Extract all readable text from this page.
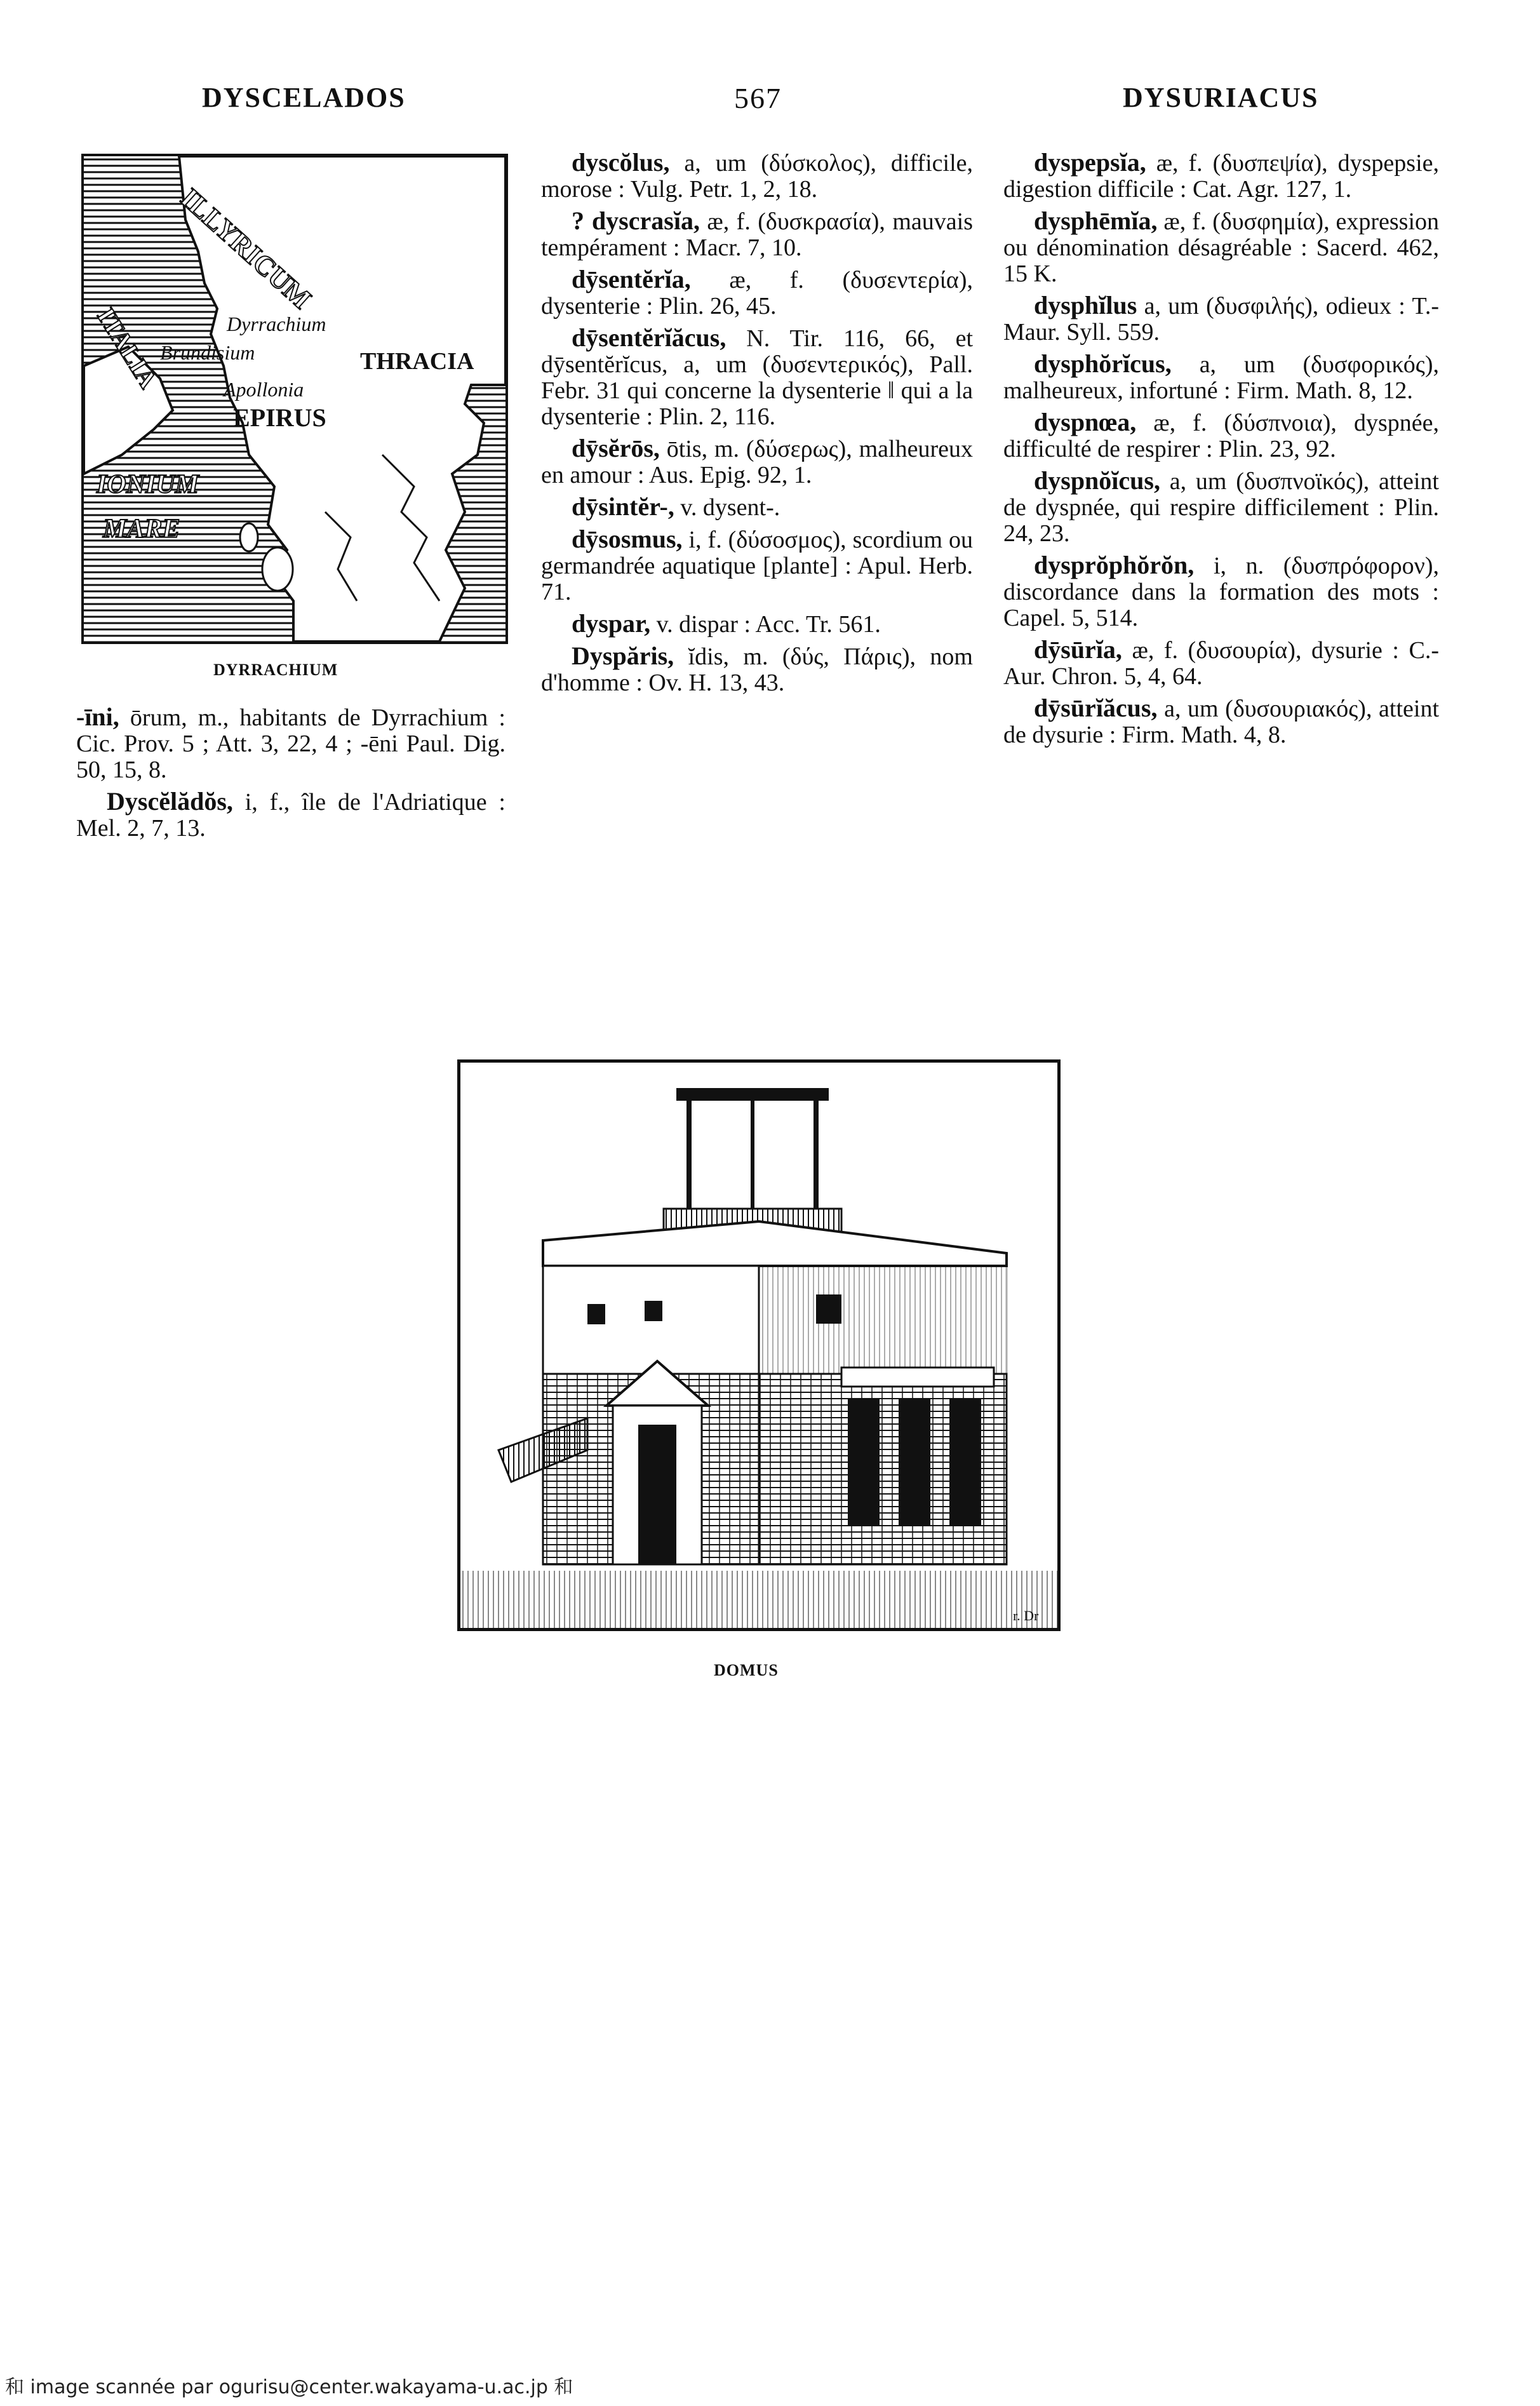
DYSCELADOS	567	DYSURIACUS
ILLYRICUM
ITALIA	Dyrrachium
Brundisium	THRACIA
Apollonia
EPIRUS
IONIUM
MARE
DYRRACHIUM

-īni, ōrum, m., habitants de Dyrrachium : Cic. Prov. 5 ; Att. 3, 22, 4 ; -ēni Paul. Dig. 50, 15, 8.

Dyscĕlădŏs, i, f., île de l'Adriatique : Mel. 2, 7, 13.

dyscŏlus, a, um (δύσκολος), difficile, morose : Vulg. Petr. 1, 2, 18.

? dyscrasĭa, æ, f. (δυσκρασία), mauvais tempérament : Macr. 7, 10.

dȳsentĕrĭa, æ, f. (δυσεντερία), dysenterie : Plin. 26, 45.

dȳsentĕrĭăcus, N. Tir. 116, 66, et dȳsentĕrĭcus, a, um (δυσεντερικός), Pall. Febr. 31 qui concerne la dysenterie ‖ qui a la dysenterie : Plin. 2, 116.

dȳsĕrōs, ōtis, m. (δύσερως), malheureux en amour : Aus. Epig. 92, 1.

dȳsintĕr-, v. dysent-.

dȳsosmus, i, f. (δύσοσμος), scordium ou germandrée aquatique [plante] : Apul. Herb. 71.

dyspar, v. dispar : Acc. Tr. 561.

Dyspăris, ĭdis, m. (δύς, Πάρις), nom d'homme : Ov. H. 13, 43.

dyspepsĭa, æ, f. (δυσπεψία), dyspepsie, digestion difficile : Cat. Agr. 127, 1.

dysphēmĭa, æ, f. (δυσφημία), expression ou dénomination désagréable : Sacerd. 462, 15 K.

dysphĭlus a, um (δυσφιλής), odieux : T.-Maur. Syll. 559.

dysphŏrĭcus, a, um (δυσφορικός), malheureux, infortuné : Firm. Math. 8, 12.

dyspnœa, æ, f. (δύσπνοια), dyspnée, difficulté de respirer : Plin. 23, 92.

dyspnŏĭcus, a, um (δυσπνοϊκός), atteint de dyspnée, qui respire difficilement : Plin. 24, 23.

dysprŏphŏrŏn, i, n. (δυσπρόφορον), discordance dans la formation des mots : Capel. 5, 514.

dȳsūrĭa, æ, f. (δυσουρία), dysurie : C.-Aur. Chron. 5, 4, 64.

dȳsūrĭăcus, a, um (δυσουριακός), atteint de dysurie : Firm. Math. 4, 8.

r. Dr
DOMUS
和 image scannée par ogurisu@center.wakayama-u.ac.jp 和
